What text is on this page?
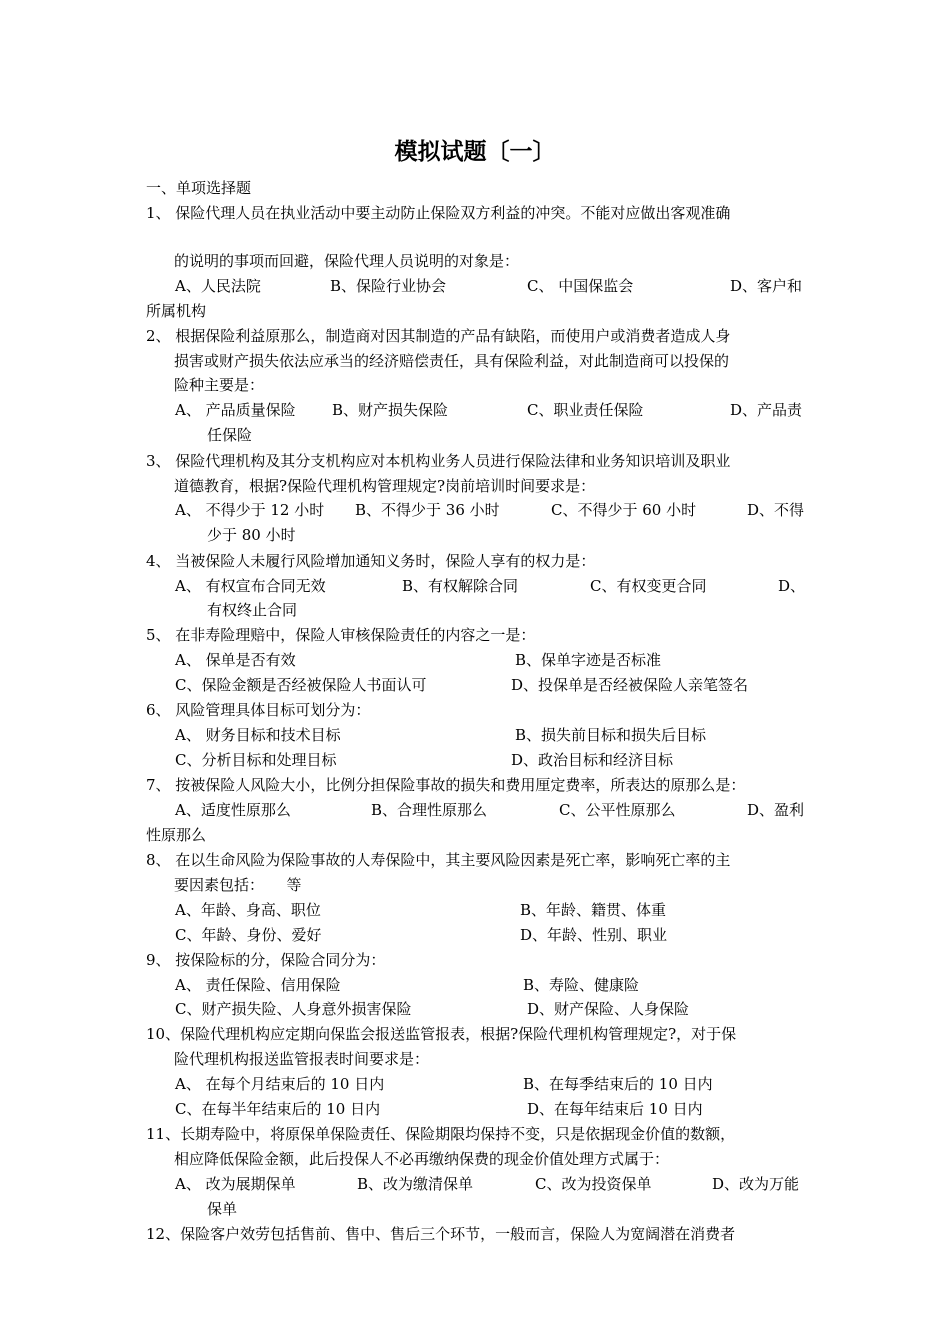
模拟试题〔一〕
一、单项选择题
1、 保险代理人员在执业活动中要主动防止保险双方利益的冲突。不能对应做出客观准确
的说明的事项而回避，保险代理人员说明的对象是：
A、人民法院	B、保险行业协会	C、 中国保监会	D、客户和
所属机构
2、 根据保险利益原那么，制造商对因其制造的产品有缺陷，而使用户或消费者造成人身
损害或财产损失依法应承当的经济赔偿责任，具有保险利益，对此制造商可以投保的
险种主要是：
A、 产品质量保险 B、财产损失保险	C、职业责任保险	D、产品责
任保险
3、 保险代理机构及其分支机构应对本机构业务人员进行保险法律和业务知识培训及职业
道德教育，根据?保险代理机构管理规定?岗前培训时间要求是：
A、 不得少于 12 小时 B、不得少于 36 小时	C、不得少于 60 小时	D、不得
少于 80 小时
4、 当被保险人未履行风险增加通知义务时，保险人享有的权力是：
A、 有权宣布合同无效	B、有权解除合同	C、有权变更合同	D、
有权终止合同
5、 在非寿险理赔中，保险人审核保险责任的内容之一是：
A、 保单是否有效	B、保单字迹是否标准
C、保险金额是否经被保险人书面认可	D、投保单是否经被保险人亲笔签名
6、 风险管理具体目标可划分为：
A、 财务目标和技术目标	B、损失前目标和损失后目标
C、分析目标和处理目标	D、政治目标和经济目标
7、 按被保险人风险大小，比例分担保险事故的损失和费用厘定费率，所表达的原那么是：
A、适度性原那么	B、合理性原那么	C、公平性原那么	D、盈利
性原那么
8、 在以生命风险为保险事故的人寿保险中，其主要风险因素是死亡率，影响死亡率的主
要因素包括：　　等
A、年龄、身高、职位	B、年龄、籍贯、体重
C、年龄、身份、爱好	D、年龄、性别、职业
9、 按保险标的分，保险合同分为：
A、 责任保险、信用保险	B、寿险、健康险
C、财产损失险、人身意外损害保险	D、财产保险、人身保险
10、保险代理机构应定期向保监会报送监管报表，根据?保险代理机构管理规定?，对于保
险代理机构报送监管报表时间要求是：
A、 在每个月结束后的 10 日内	B、在每季结束后的 10 日内
C、在每半年结束后的 10 日内	D、在每年结束后 10 日内
11、长期寿险中，将原保单保险责任、保险期限均保持不变，只是依据现金价值的数额，
相应降低保险金额，此后投保人不必再缴纳保费的现金价值处理方式属于：
A、 改为展期保单	B、改为缴清保单	C、改为投资保单	D、改为万能
保单
12、保险客户效劳包括售前、售中、售后三个环节，一般而言，保险人为宽阔潜在消费者
